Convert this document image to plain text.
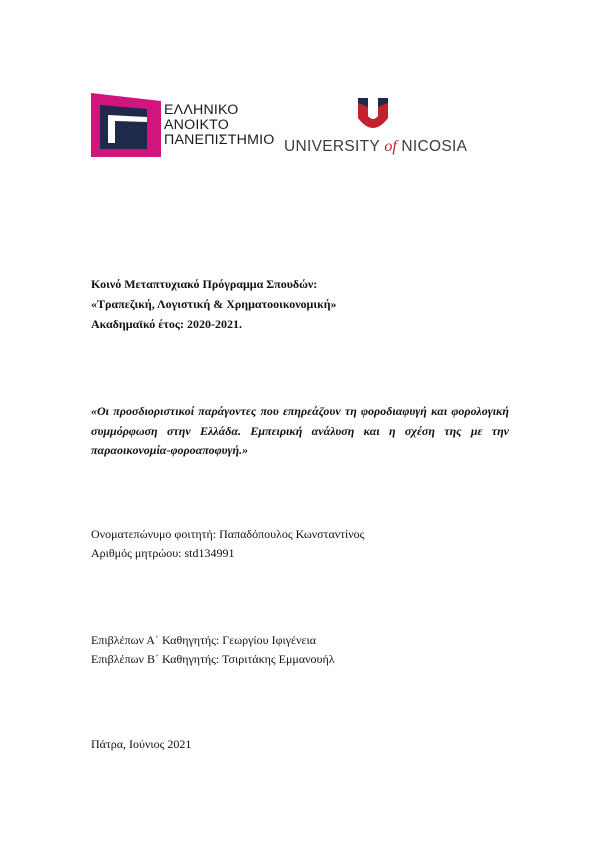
ΕΛΛΗΝΙΚΟ
ΑΝΟΙΚΤΟ
ΠΑΝΕΠΙΣΤΗΜΙΟ UNIVERSITY of NICOSIA
Κοινό Μεταπτυχιακό Πρόγραμμα Σπουδών:
«Τραπεζική, Λογιστική & Χρηματοοικονομική»
Ακαδημαϊκό έτος: 2020-2021.
«Οι προσδιοριστικοί παράγοντες που επηρεάζουν τη φοροδιαφυγή και φορολογική συμμόρφωση στην Ελλάδα. Εμπειρική ανάλυση και η σχέση της με την παραοικονομία-φοροαποφυγή.»
Ονοματεπώνυμο φοιτητή: Παπαδόπουλος Κωνσταντίνος
Αριθμός μητρώου: std134991
Επιβλέπων Α΄ Καθηγητής: Γεωργίου Ιφιγένεια
Επιβλέπων Β΄ Καθηγητής: Τσιριτάκης Εμμανουήλ
Πάτρα, Ιούνιος 2021
